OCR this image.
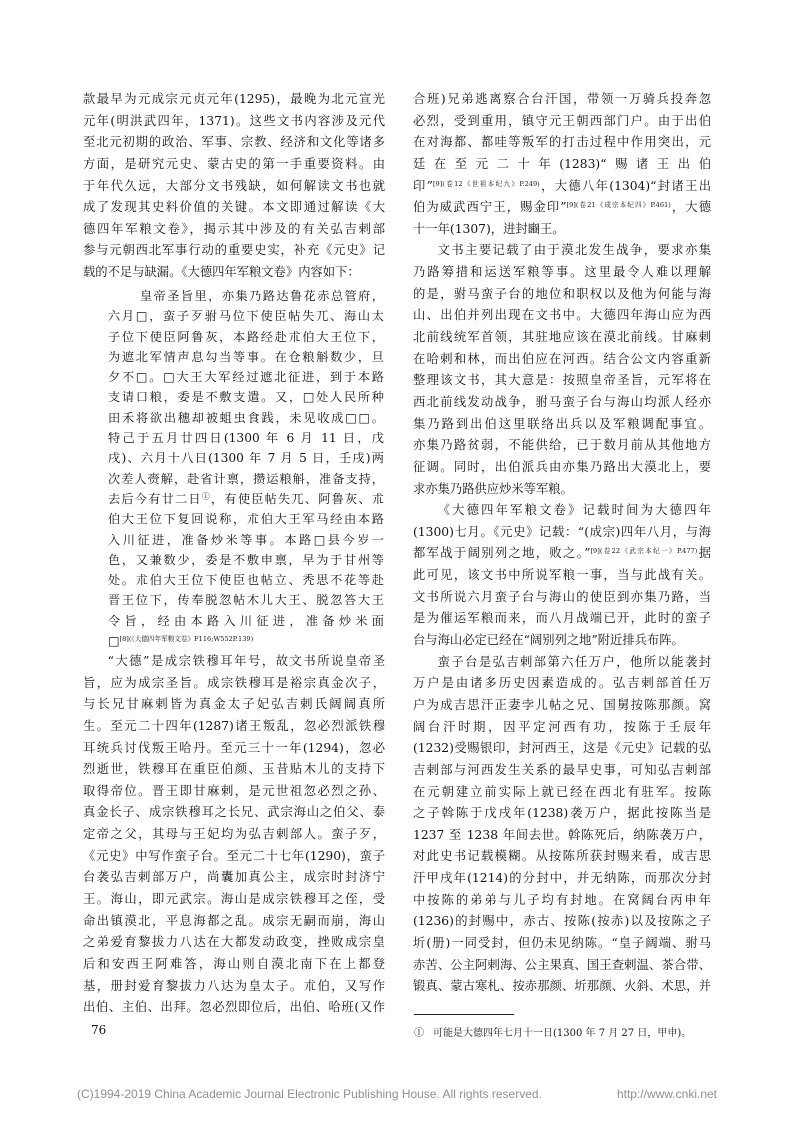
款最早为元成宗元贞元年(1295)，最晚为北元宣光
元年(明洪武四年，1371)。这些文书内容涉及元代
至北元初期的政治、军事、宗教、经济和文化等诸多
方面，是研究元史、蒙古史的第一手重要资料。由
于年代久远，大部分文书残缺，如何解读文书也就
成了发现其史料价值的关键。本文即通过解读《大
德四年军粮文卷》，揭示其中涉及的有关弘吉剌部
参与元朝西北军事行动的重要史实，补充《元史》记
载的不足与缺漏。《大德四年军粮文卷》内容如下：
皇帝圣旨里，亦集乃路达鲁花赤总管府，
六月□，蛮子歹驸马位下使臣帖失兀、海山太
子位下使臣阿鲁灰，本路经赴朮伯大王位下，
为遮北军情声息勾当等事。在仓粮斛数少，旦
夕不□。□大王大军经过遮北征进，到于本路
支请口粮，委是不敷支遣。又，□处人民所种
田禾将欲出穗却被蛆虫食践，未见收成□□。
特己于五月廿四日(1300 年 6 月 11 日，戊
戌)、六月十八日(1300 年 7 月 5 日，壬戌)两
次差人赍解，赴省计禀，攒运粮斛，准备支持，
去后今有廿二日①，有使臣帖失兀、阿鲁灰、朮
伯大王位下复回说称，朮伯大王军马经由本路
入川征进，准备炒米等事。本路□县今岁一
色，又兼数少，委是不敷申禀，早为于甘州等
处。朮伯大王位下使臣也帖立、秃思不花等赴
晋王位下，传奉脱忽帖木儿大王、脱忽答大王
令旨，经由本路入川征进，准备炒米面
□$^{[8](《大德四年军粮文卷》F116;W552P.139)}$
“大德”是成宗铁穆耳年号，故文书所说皇帝圣
旨，应为成宗圣旨。成宗铁穆耳是裕宗真金次子，
与长兄甘麻剌皆为真金太子妃弘吉剌氏阔阔真所
生。至元二十四年(1287)诸王叛乱，忽必烈派铁穆
耳统兵讨伐叛王哈丹。至元三十一年(1294)，忽必
烈逝世，铁穆耳在重臣伯颜、玉昔贴木儿的支持下
取得帝位。晋王即甘麻剌，是元世祖忽必烈之孙、
真金长子、成宗铁穆耳之长兄、武宗海山之伯父、泰
定帝之父，其母与王妃均为弘吉剌部人。蛮子歹，
《元史》中写作蛮子台。至元二十七年(1290)，蛮子
台袭弘吉剌部万户，尚囊加真公主，成宗时封济宁
王。海山，即元武宗。海山是成宗铁穆耳之侄，受
命出镇漠北，平息海都之乱。成宗无嗣而崩，海山
之弟爱育黎拔力八达在大都发动政变，挫败成宗皇
后和安西王阿难答，海山则自漠北南下在上都登
基，册封爱育黎拔力八达为皇太子。朮伯，又写作
出伯、主伯、出拜。忽必烈即位后，出伯、哈班(又作
合班)兄弟逃离察合台汗国，带领一万骑兵投奔忽
必烈，受到重用，镇守元王朝西部门户。由于出伯
在对海都、都哇等叛军的打击过程中作用突出，元
廷在至元二十年(1283)“赐诸王出伯
印”$^{[9](卷12《世祖本纪九》P.249)}$，大德八年(1304)“封诸王出
伯为威武西宁王，赐金印”$^{[9](卷21《成宗本纪四》P.461)}$，大德
十一年(1307)，进封豳王。
文书主要记载了由于漠北发生战争，要求亦集
乃路筹措和运送军粮等事。这里最令人难以理解
的是，驸马蛮子台的地位和职权以及他为何能与海
山、出伯并列出现在文书中。大德四年海山应为西
北前线统军首领，其驻地应该在漠北前线。甘麻剌
在哈剌和林，而出伯应在河西。结合公文内容重新
整理该文书，其大意是：按照皇帝圣旨，元军将在
西北前线发动战争，驸马蛮子台与海山均派人经亦
集乃路到出伯这里联络出兵以及军粮调配事宜。
亦集乃路贫弱，不能供给，已于数月前从其他地方
征调。同时，出伯派兵由亦集乃路出大漠北上，要
求亦集乃路供应炒米等军粮。
《大德四年军粮文卷》记载时间为大德四年
(1300)七月。《元史》记载：“(成宗)四年八月，与海
都军战于阔别列之地，败之。”$^{[9](卷22《武宗本纪一》P.477)}$据
此可见，该文书中所说军粮一事，当与此战有关。
文书所说六月蛮子台与海山的使臣到亦集乃路，当
是为催运军粮而来，而八月战端已开，此时的蛮子
台与海山必定已经在“阔别列之地”附近排兵布阵。
蛮子台是弘吉剌部第六任万户，他所以能袭封
万户是由诸多历史因素造成的。弘吉剌部首任万
户为成吉思汗正妻孛儿帖之兄、国舅按陈那颜。窝
阔台汗时期，因平定河西有功，按陈于壬辰年
(1232)受赐银印，封河西王，这是《元史》记载的弘
吉剌部与河西发生关系的最早史事，可知弘吉剌部
在元朝建立前实际上就已经在西北有驻军。按陈
之子斡陈于戊戌年(1238)袭万户，据此按陈当是
1237 至 1238 年间去世。斡陈死后，纳陈袭万户，
对此史书记载模糊。从按陈所获封赐来看，成吉思
汗甲戌年(1214)的分封中，并无纳陈，而那次分封
中按陈的弟弟与儿子均有封地。在窝阔台丙申年
(1236)的封赐中，赤古、按陈(按赤)以及按陈之子
圻(册)一同受封，但仍未见纳陈。“皇子阔端、驸马
赤苦、公主阿剌海、公主果真、国王查剌温、茶合带、
锻真、蒙古寒札、按赤那颜、圻那颜、火斜、术思，并
76	① 可能是大德四年七月十一日(1300 年 7 月 27 日，甲申)。
(C)1994-2019 China Academic Journal Electronic Publishing House. All rights reserved.	http://www.cnki.net
